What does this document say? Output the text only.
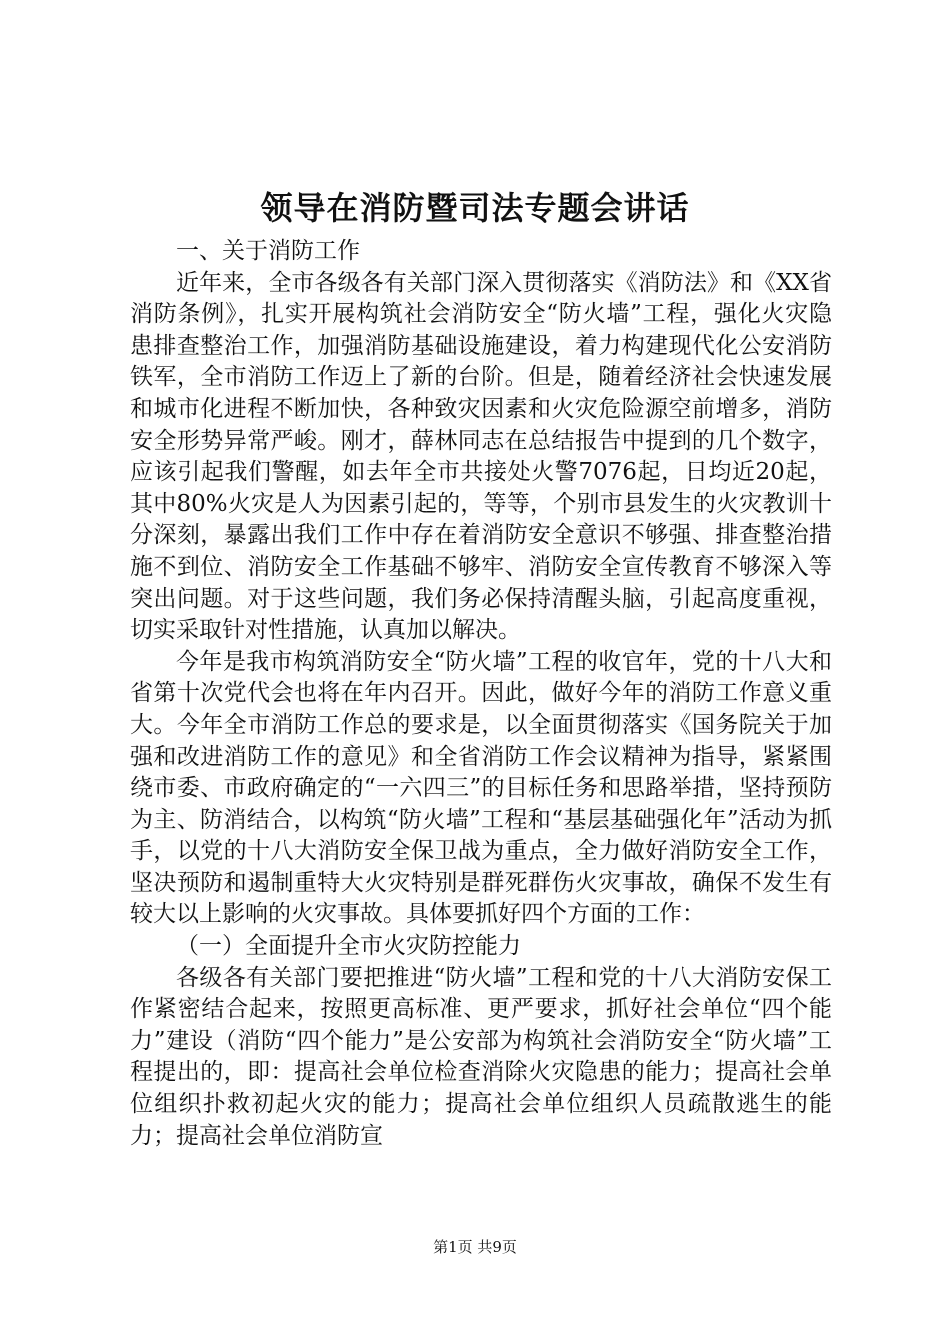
领导在消防暨司法专题会讲话

一、关于消防工作

近年来，全市各级各有关部门深入贯彻落实《消防法》和《XX省消防条例》，扎实开展构筑社会消防安全“防火墙”工程，强化火灾隐患排查整治工作，加强消防基础设施建设，着力构建现代化公安消防铁军，全市消防工作迈上了新的台阶。但是，随着经济社会快速发展和城市化进程不断加快，各种致灾因素和火灾危险源空前增多，消防安全形势异常严峻。刚才，薛林同志在总结报告中提到的几个数字，应该引起我们警醒，如去年全市共接处火警7076起，日均近20起，其中80%火灾是人为因素引起的，等等，个别市县发生的火灾教训十分深刻，暴露出我们工作中存在着消防安全意识不够强、排查整治措施不到位、消防安全工作基础不够牢、消防安全宣传教育不够深入等突出问题。对于这些问题，我们务必保持清醒头脑，引起高度重视，切实采取针对性措施，认真加以解决。

今年是我市构筑消防安全“防火墙”工程的收官年，党的十八大和省第十次党代会也将在年内召开。因此，做好今年的消防工作意义重大。今年全市消防工作总的要求是，以全面贯彻落实《国务院关于加强和改进消防工作的意见》和全省消防工作会议精神为指导，紧紧围绕市委、市政府确定的“一六四三”的目标任务和思路举措，坚持预防为主、防消结合，以构筑“防火墙”工程和“基层基础强化年”活动为抓手，以党的十八大消防安全保卫战为重点，全力做好消防安全工作，坚决预防和遏制重特大火灾特别是群死群伤火灾事故，确保不发生有较大以上影响的火灾事故。具体要抓好四个方面的工作：

（一）全面提升全市火灾防控能力

各级各有关部门要把推进“防火墙”工程和党的十八大消防安保工作紧密结合起来，按照更高标准、更严要求，抓好社会单位“四个能力”建设（消防“四个能力”是公安部为构筑社会消防安全“防火墙”工程提出的，即：提高社会单位检查消除火灾隐患的能力；提高社会单位组织扑救初起火灾的能力；提高社会单位组织人员疏散逃生的能力；提高社会单位消防宣

第1页 共9页
